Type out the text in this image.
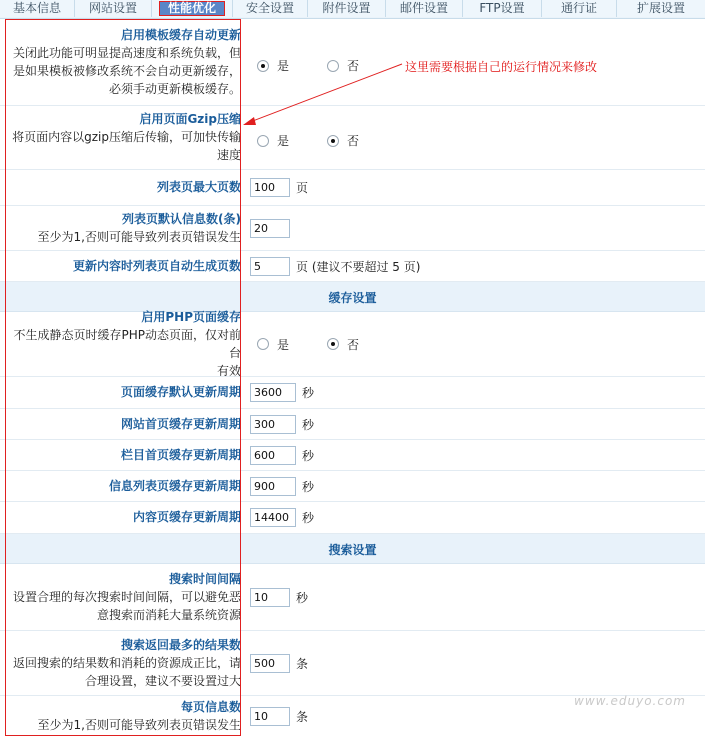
基本信息	网站设置	性能优化	安全设置	附件设置	邮件设置	FTP设置	通行证	扩展设置
启用模板缓存自动更新
关闭此功能可明显提高速度和系统负载，但
是如果模板被修改系统不会自动更新缓存，
必须手动更新模板缓存。
是	否
启用页面Gzip压缩
将页面内容以gzip压缩后传输，可加快传输
速度
是	否
列表页最大页数
100	页
列表页默认信息数(条)
至少为1,否则可能导致列表页错误发生
20
更新内容时列表页自动生成页数
5	页 (建议不要超过 5 页)
缓存设置
启用PHP页面缓存
不生成静态页时缓存PHP动态页面，仅对前台
有效
是	否
页面缓存默认更新周期
3600	秒
网站首页缓存更新周期
300	秒
栏目首页缓存更新周期
600	秒
信息列表页缓存更新周期
900	秒
内容页缓存更新周期
14400	秒
搜索设置
搜索时间间隔
设置合理的每次搜索时间间隔，可以避免恶
意搜索而消耗大量系统资源
10
秒
搜索返回最多的结果数
返回搜索的结果数和消耗的资源成正比，请
合理设置，建议不要设置过大
500
条
每页信息数
至少为1,否则可能导致列表页错误发生
10
条
这里需要根据自己的运行情况来修改
www.eduyo.com
